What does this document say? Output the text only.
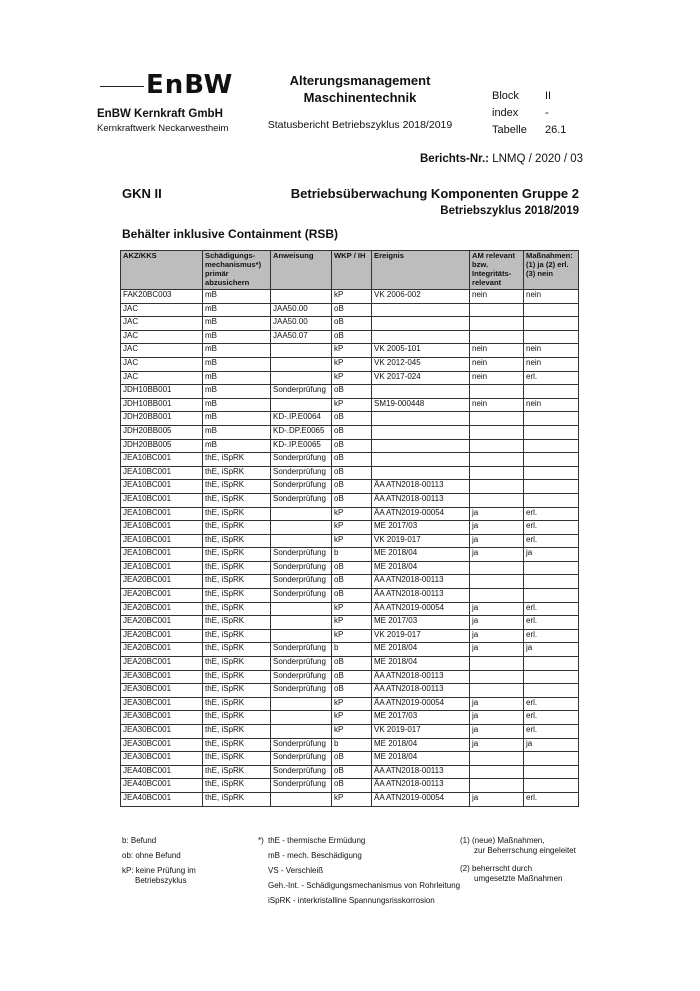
EnBW
EnBW Kernkraft GmbH
Kernkraftwerk Neckarwestheim
Alterungsmanagement
Maschinentechnik
Statusbericht Betriebszyklus 2018/2019
Block II
index -
Tabelle 26.1
Berichts-Nr.: LNMQ / 2020 / 03
GKN II	Betriebsüberwachung Komponenten Gruppe 2
Betriebszyklus 2018/2019
Behälter inklusive Containment (RSB)
AKZ/KKS	Schädigungs-mechanismus*) primär abzusichern	Anweisung	WKP / IH	Ereignis	AM relevant bzw. Integritäts-relevant	Maßnahmen: (1) ja (2) erl. (3) nein
FAK20BC003	mB		kP	VK 2006-002	nein	nein
JAC	mB	JAA50.00	oB			
JAC	mB	JAA50.00	oB			
JAC	mB	JAA50.07	oB			
JAC	mB		kP	VK 2005-101	nein	nein
JAC	mB		kP	VK 2012-045	nein	nein
JAC	mB		kP	VK 2017-024	nein	erl.
JDH10BB001	mB	Sonderprüfung	oB			
JDH10BB001	mB		kP	SM19-000448	nein	nein
JDH20BB001	mB	KD-.IP.E0064	oB			
JDH20BB005	mB	KD-.DP.E0065	oB			
JDH20BB005	mB	KD-.IP.E0065	oB			
JEA10BC001	thE, iSpRK	Sonderprüfung	oB			
JEA10BC001	thE, iSpRK	Sonderprüfung	oB			
JEA10BC001	thE, iSpRK	Sonderprüfung	oB	ÄA ATN2018-00113		
JEA10BC001	thE, iSpRK	Sonderprüfung	oB	ÄA ATN2018-00113		
JEA10BC001	thE, iSpRK		kP	ÄA ATN2019-00054	ja	erl.
JEA10BC001	thE, iSpRK		kP	ME 2017/03	ja	erl.
JEA10BC001	thE, iSpRK		kP	VK 2019-017	ja	erl.
JEA10BC001	thE, iSpRK	Sonderprüfung	b	ME 2018/04	ja	ja
JEA10BC001	thE, iSpRK	Sonderprüfung	oB	ME 2018/04		
JEA20BC001	thE, iSpRK	Sonderprüfung	oB	ÄA ATN2018-00113		
JEA20BC001	thE, iSpRK	Sonderprüfung	oB	ÄA ATN2018-00113		
JEA20BC001	thE, iSpRK		kP	ÄA ATN2019-00054	ja	erl.
JEA20BC001	thE, iSpRK		kP	ME 2017/03	ja	erl.
JEA20BC001	thE, iSpRK		kP	VK 2019-017	ja	erl.
JEA20BC001	thE, iSpRK	Sonderprüfung	b	ME 2018/04	ja	ja
JEA20BC001	thE, iSpRK	Sonderprüfung	oB	ME 2018/04		
JEA30BC001	thE, iSpRK	Sonderprüfung	oB	ÄA ATN2018-00113		
JEA30BC001	thE, iSpRK	Sonderprüfung	oB	ÄA ATN2018-00113		
JEA30BC001	thE, iSpRK		kP	ÄA ATN2019-00054	ja	erl.
JEA30BC001	thE, iSpRK		kP	ME 2017/03	ja	erl.
JEA30BC001	thE, iSpRK		kP	VK 2019-017	ja	erl.
JEA30BC001	thE, iSpRK	Sonderprüfung	b	ME 2018/04	ja	ja
JEA30BC001	thE, iSpRK	Sonderprüfung	oB	ME 2018/04		
JEA40BC001	thE, iSpRK	Sonderprüfung	oB	ÄA ATN2018-00113		
JEA40BC001	thE, iSpRK	Sonderprüfung	oB	ÄA ATN2018-00113		
JEA40BC001	thE, iSpRK		kP	ÄA ATN2019-00054	ja	erl.
b: Befund
ob: ohne Befund
kP: keine Prüfung im
Betriebszyklus
*) thE - thermische Ermüdung
mB - mech. Beschädigung
VS - Verschleiß
Geh.-Int. - Schädigungsmechanismus von Rohrleitung
iSpRK - interkristalline Spannungsrisskorrosion
(1) (neue) Maßnahmen,
zur Beherrschung eingeleitet
(2) beherrscht durch
umgesetzte Maßnahmen
